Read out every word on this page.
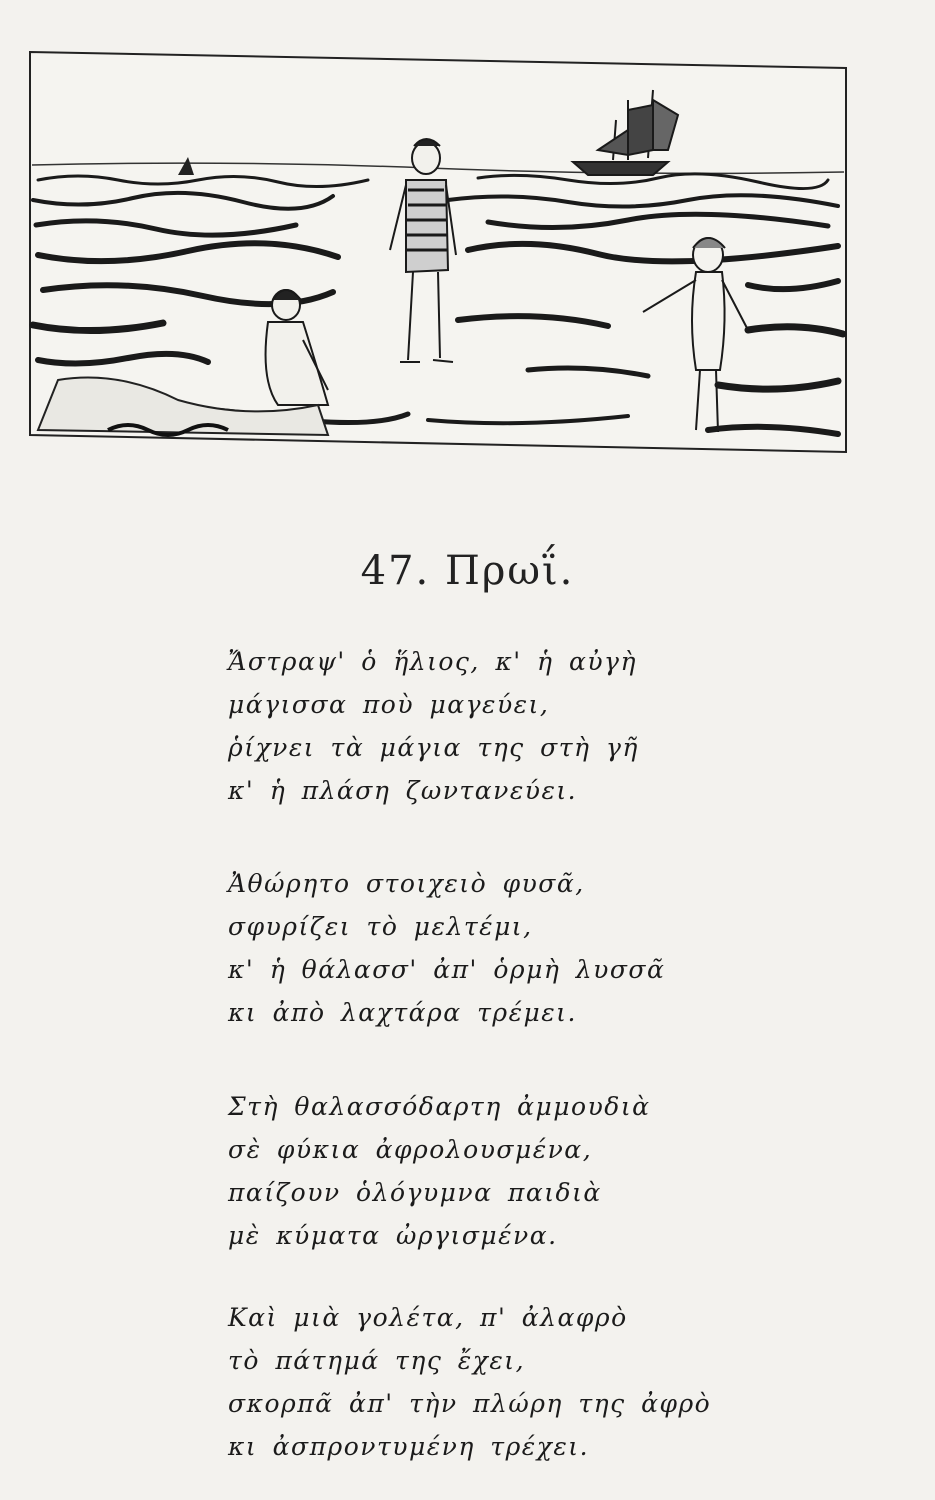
47. Πρωΐ.
Ἄστραψ' ὁ ἥλιος, κ' ἡ αὐγὴ
μάγισσα ποὺ μαγεύει,
ῥίχνει τὰ μάγια της στὴ γῆ
κ' ἡ πλάση ζωντανεύει.
Ἀθώρητο στοιχειὸ φυσᾶ,
σφυρίζει τὸ μελτέμι,
κ' ἡ θάλασσ' ἀπ' ὁρμὴ λυσσᾶ
κι ἀπὸ λαχτάρα τρέμει.
Στὴ θαλασσόδαρτη ἀμμουδιὰ
σὲ φύκια ἀφρολουσμένα,
παίζουν ὁλόγυμνα παιδιὰ
μὲ κύματα ὠργισμένα.
Καὶ μιὰ γολέτα, π' ἀλαφρὸ
τὸ πάτημά της ἔχει,
σκορπᾶ ἀπ' τὴν πλώρη της ἀφρὸ
κι ἀσπροντυμένη τρέχει.
